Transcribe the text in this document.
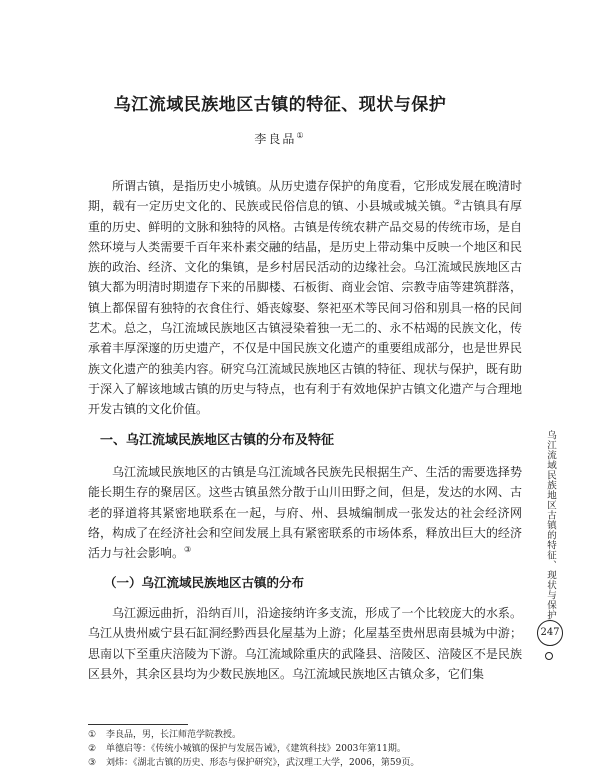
乌江流域民族地区古镇的特征、现状与保护
李良品①

所谓古镇，是指历史小城镇。从历史遗存保护的角度看，它形成发展在晚清时期，载有一定历史文化的、民族或民俗信息的镇、小县城或城关镇。②古镇具有厚重的历史、鲜明的文脉和独特的风格。古镇是传统农耕产品交易的传统市场，是自然环境与人类需要千百年来朴素交融的结晶，是历史上带动集中反映一个地区和民族的政治、经济、文化的集镇，是乡村居民活动的边缘社会。乌江流域民族地区古镇大都为明清时期遗存下来的吊脚楼、石板街、商业会馆、宗教寺庙等建筑群落，镇上都保留有独特的衣食住行、婚丧嫁娶、祭祀巫术等民间习俗和别具一格的民间艺术。总之，乌江流域民族地区古镇浸染着独一无二的、永不枯竭的民族文化，传承着丰厚深邃的历史遗产，不仅是中国民族文化遗产的重要组成部分，也是世界民族文化遗产的独美内容。研究乌江流域民族地区古镇的特征、现状与保护，既有助于深入了解该地域古镇的历史与特点，也有利于有效地保护古镇文化遗产与合理地开发古镇的文化价值。

一、乌江流域民族地区古镇的分布及特征

乌江流域民族地区的古镇是乌江流域各民族先民根据生产、生活的需要选择势能长期生存的聚居区。这些古镇虽然分散于山川田野之间，但是，发达的水网、古老的驿道将其紧密地联系在一起，与府、州、县城编制成一张发达的社会经济网络，构成了在经济社会和空间发展上具有紧密联系的市场体系，释放出巨大的经济活力与社会影响。③

（一）乌江流域民族地区古镇的分布

乌江源远曲折，沿纳百川，沿途接纳许多支流，形成了一个比较庞大的水系。乌江从贵州威宁县石缸洞经黔西县化屋基为上游；化屋基至贵州思南县城为中游；思南以下至重庆涪陵为下游。乌江流域除重庆的武隆县、涪陵区、涪陵区不是民族区县外，其余区县均为少数民族地区。乌江流域民族地区古镇众多，它们集

① 李良品，男，长江师范学院教授。
② 单德启等：《传统小城镇的保护与发展告诫》，《建筑科技》2003年第11期。
③ 刘炜：《湖北古镇的历史、形态与保护研究》，武汉理工大学，2006，第59页。
乌江流域民族地区古镇的特征、现状与保护
247
